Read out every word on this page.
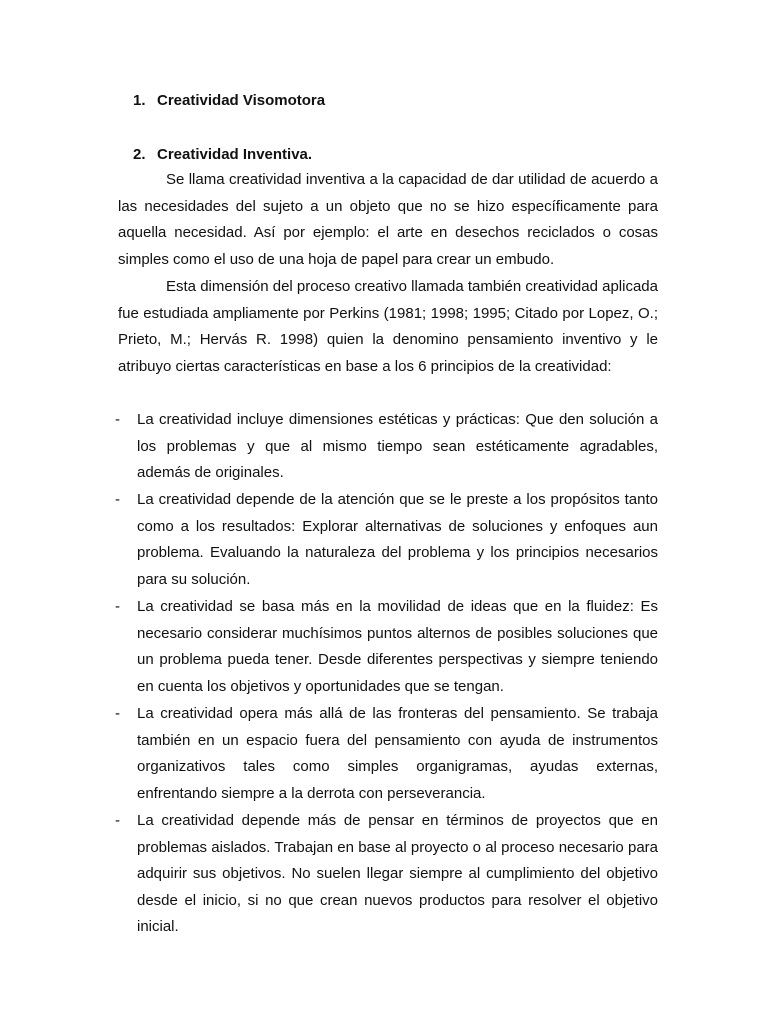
1. Creatividad Visomotora
2. Creatividad Inventiva.

Se llama creatividad inventiva a la capacidad de dar utilidad de acuerdo a las necesidades del sujeto a un objeto que no se hizo específicamente para aquella necesidad. Así por ejemplo: el arte en desechos reciclados o cosas simples como el uso de una hoja de papel para crear un embudo.

Esta dimensión del proceso creativo llamada también creatividad aplicada fue estudiada ampliamente por Perkins (1981; 1998; 1995; Citado por Lopez, O.; Prieto, M.; Hervás R. 1998) quien la denomino pensamiento inventivo y le atribuyo ciertas características en base a los 6 principios de la creatividad:

- La creatividad incluye dimensiones estéticas y prácticas: Que den solución a los problemas y que al mismo tiempo sean estéticamente agradables, además de originales.
- La creatividad depende de la atención que se le preste a los propósitos tanto como a los resultados: Explorar alternativas de soluciones y enfoques aun problema. Evaluando la naturaleza del problema y los principios necesarios para su solución.
- La creatividad se basa más en la movilidad de ideas que en la fluidez: Es necesario considerar muchísimos puntos alternos de posibles soluciones que un problema pueda tener. Desde diferentes perspectivas y siempre teniendo en cuenta los objetivos y oportunidades que se tengan.
- La creatividad opera más allá de las fronteras del pensamiento. Se trabaja también en un espacio fuera del pensamiento con ayuda de instrumentos organizativos tales como simples organigramas, ayudas externas, enfrentando siempre a la derrota con perseverancia.
- La creatividad depende más de pensar en términos de proyectos que en problemas aislados. Trabajan en base al proyecto o al proceso necesario para adquirir sus objetivos. No suelen llegar siempre al cumplimiento del objetivo desde el inicio, si no que crean nuevos productos para resolver el objetivo inicial.
